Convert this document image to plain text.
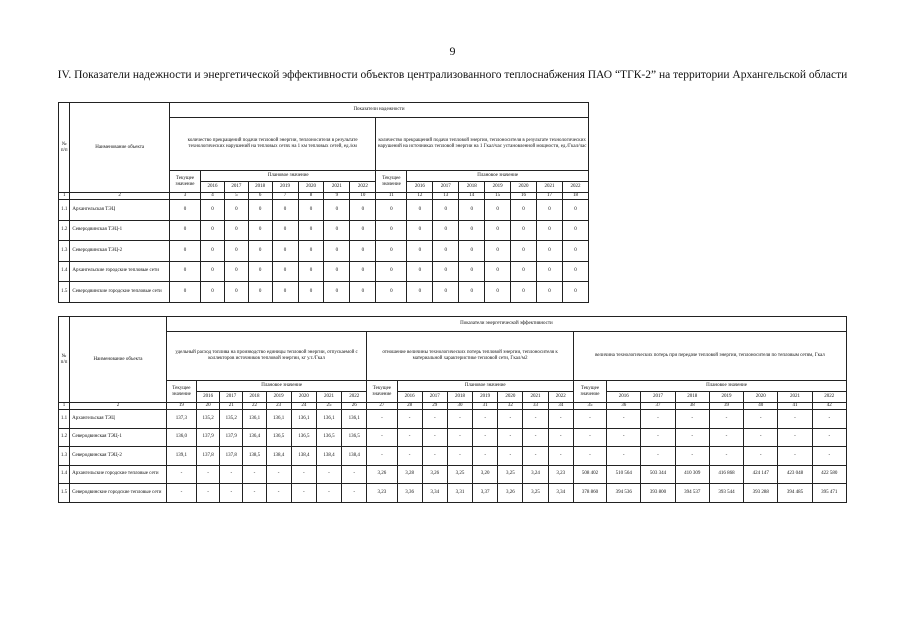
9
IV. Показатели надежности и энергетической эффективности объектов централизованного теплоснабжения ПАО “ТГК-2” на территории Архангельской области
№ п/п	Наименование объекта	Показатели надежности															
		количество прекращений подачи тепловой энергии, теплоносителя в результате технологических нарушений на тепловых сетях на 1 км тепловых сетей, ед./км								количество прекращений подачи тепловой энергии, теплоносителя в результате технологических нарушений на источниках тепловой энергии на 1 Гкал/час установленной мощности, ед./Гкал/час							
		Текущее значение	Плановое значение							Текущее значение	Плановое значение						
			2016	2017	2018	2019	2020	2021	2022		2016	2017	2018	2019	2020	2021	2022
1	2	3	4	5	6	7	8	9	10	11	12	13	14	15	16	17	18
1.1	Архангельская ТЭЦ	0	0	0	0	0	0	0	0	0	0	0	0	0	0	0	0
1.2	Северодвинская ТЭЦ-1	0	0	0	0	0	0	0	0	0	0	0	0	0	0	0	0
1.3	Северодвинская ТЭЦ-2	0	0	0	0	0	0	0	0	0	0	0	0	0	0	0	0
1.4	Архангельские городские тепловые сети	0	0	0	0	0	0	0	0	0	0	0	0	0	0	0	0
1.5	Северодвинские городские тепловые сети	0	0	0	0	0	0	0	0	0	0	0	0	0	0	0	0
№ п/п	Наименование объекта	Показатели энергетической эффективности																							
		удельный расход топлива на производство единицы тепловой энергии, отпускаемой с коллекторов источников тепловой энергии, кг у.т./Гкал								отношение величины технологических потерь тепловой энергии, теплоносителя к материальной характеристике тепловой сети, Гкал/м2								величина технологических потерь при передаче тепловой энергии, теплоносителя по тепловым сетям, Гкал							
		Текущее значение	Плановое значение							Текущее значение	Плановое значение							Текущее значение	Плановое значение						
			2016	2017	2018	2019	2020	2021	2022		2016	2017	2018	2019	2020	2021	2022		2016	2017	2018	2019	2020	2021	2022
1	2	19	20	21	22	23	24	25	26	27	28	29	30	31	32	33	34	35	36	37	38	39	40	41	42
1.1	Архангельская ТЭЦ	137,3	135,2	135,2	136,1	136,1	136,1	136,1	136,1	-	-	-	-	-	-	-	-	-	-	-	-	-	-	-	-
1.2	Северодвинская ТЭЦ-1	136,0	137,9	137,9	136,4	136,5	136,5	136,5	136,5	-	-	-	-	-	-	-	-	-	-	-	-	-	-	-	-
1.3	Северодвинская ТЭЦ-2	139,1	137,8	137,8	138,5	138,4	138,4	138,4	138,4	-	-	-	-	-	-	-	-	-	-	-	-	-	-	-	-
1.4	Архангельские городские тепловые сети	-	-	-	-	-	-	-	-	3,26	3,28	3,26	3,25	3,20	3,25	3,24	3,23	508 402	510 564	503 344	410 309	416 868	424 147	423 048	422 580
1.5	Северодвинские городские тепловые сети	-	-	-	-	-	-	-	-	3,23	3,36	3,34	3,31	3,37	3,26	3,25	3,34	378 860	394 536	393 800	394 537	393 544	393 288	394 485	395 471
